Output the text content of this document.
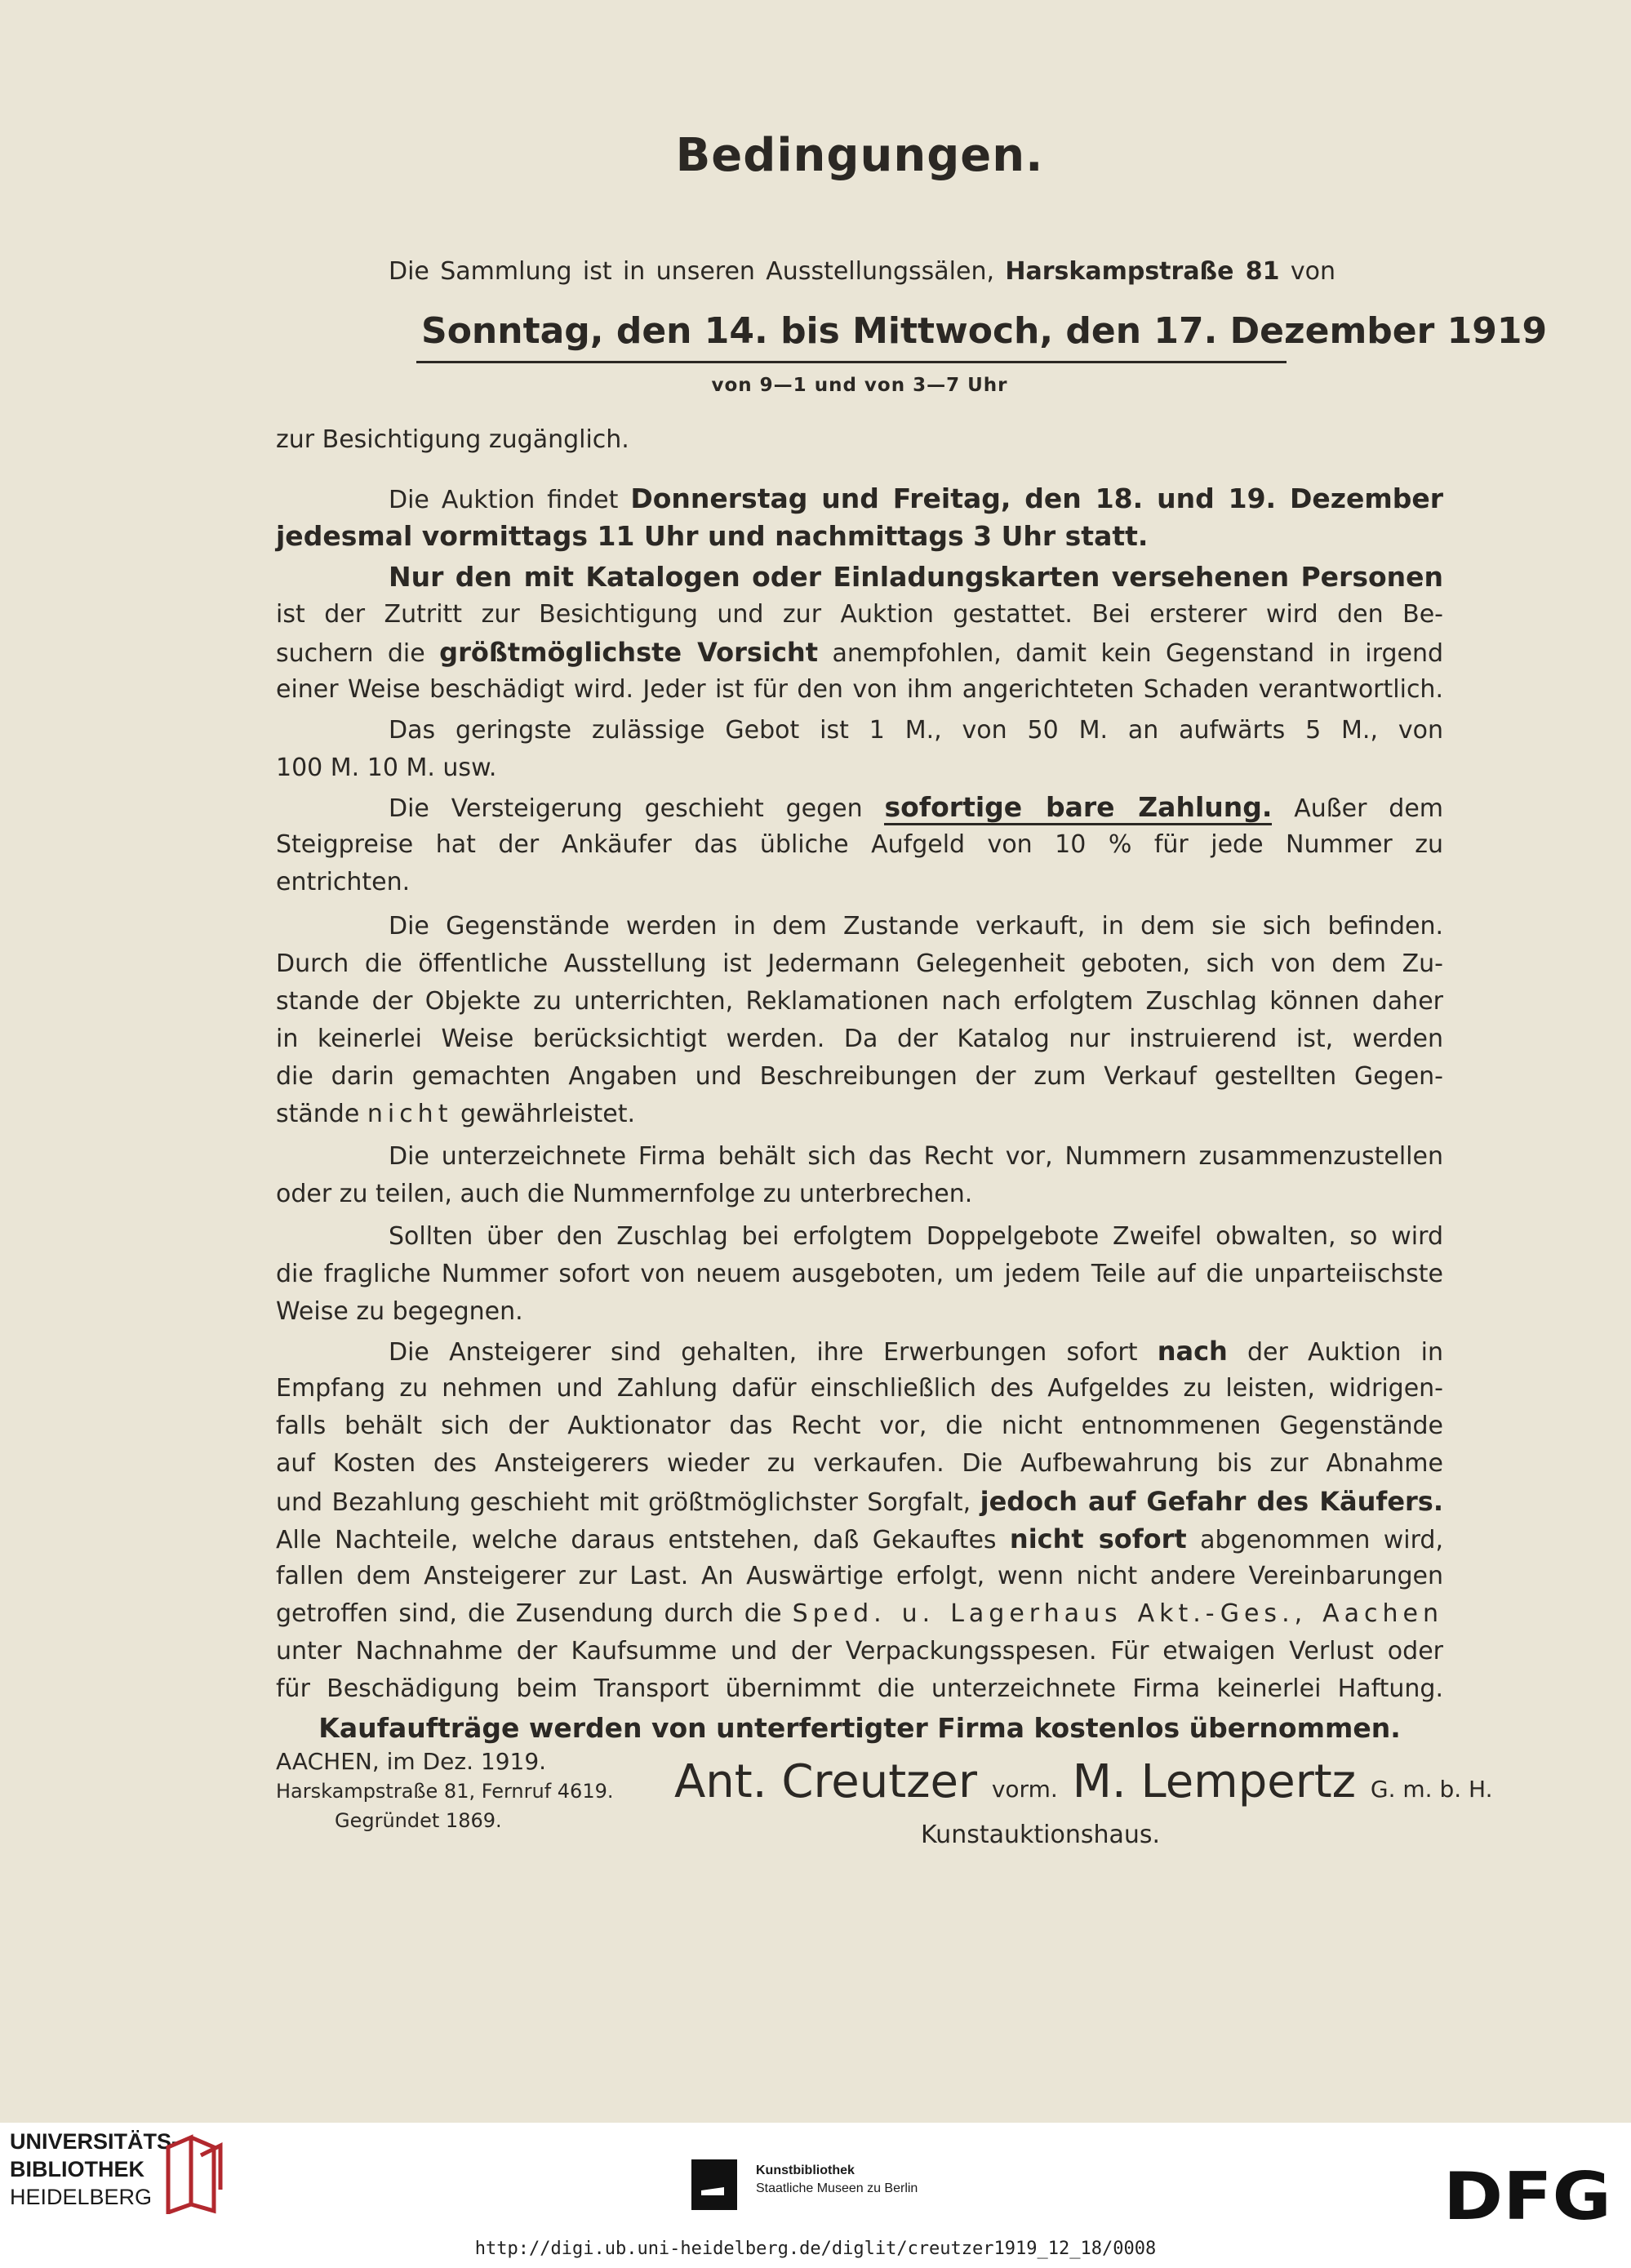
Bedingungen.
Die Sammlung ist in unseren Ausstellungssälen, Harskampstraße 81 von
Sonntag, den 14. bis Mittwoch, den 17. Dezember 1919
von 9—1 und von 3—7 Uhr
zur Besichtigung zugänglich.
Die Auktion findet Donnerstag und Freitag, den 18. und 19. Dezember
jedesmal vormittags 11 Uhr und nachmittags 3 Uhr statt.
Nur den mit Katalogen oder Einladungskarten versehenen Personen
ist der Zutritt zur Besichtigung und zur Auktion gestattet. Bei ersterer wird den Be-
suchern die größtmöglichste Vorsicht anempfohlen, damit kein Gegenstand in irgend
einer Weise beschädigt wird. Jeder ist für den von ihm angerichteten Schaden verantwortlich.
Das geringste zulässige Gebot ist 1 M., von 50 M. an aufwärts 5 M., von
100 M. 10 M. usw.
Die Versteigerung geschieht gegen sofortige bare Zahlung. Außer dem
Steigpreise hat der Ankäufer das übliche Aufgeld von 10 % für jede Nummer zu
entrichten.
Die Gegenstände werden in dem Zustande verkauft, in dem sie sich befinden.
Durch die öffentliche Ausstellung ist Jedermann Gelegenheit geboten, sich von dem Zu-
stande der Objekte zu unterrichten, Reklamationen nach erfolgtem Zuschlag können daher
in keinerlei Weise berücksichtigt werden. Da der Katalog nur instruierend ist, werden
die darin gemachten Angaben und Beschreibungen der zum Verkauf gestellten Gegen-
stände nicht gewährleistet.
Die unterzeichnete Firma behält sich das Recht vor, Nummern zusammenzustellen
oder zu teilen, auch die Nummernfolge zu unterbrechen.
Sollten über den Zuschlag bei erfolgtem Doppelgebote Zweifel obwalten, so wird
die fragliche Nummer sofort von neuem ausgeboten, um jedem Teile auf die unparteiischste
Weise zu begegnen.
Die Ansteigerer sind gehalten, ihre Erwerbungen sofort nach der Auktion in
Empfang zu nehmen und Zahlung dafür einschließlich des Aufgeldes zu leisten, widrigen-
falls behält sich der Auktionator das Recht vor, die nicht entnommenen Gegenstände
auf Kosten des Ansteigerers wieder zu verkaufen. Die Aufbewahrung bis zur Abnahme
und Bezahlung geschieht mit größtmöglichster Sorgfalt, jedoch auf Gefahr des Käufers.
Alle Nachteile, welche daraus entstehen, daß Gekauftes nicht sofort abgenommen wird,
fallen dem Ansteigerer zur Last. An Auswärtige erfolgt, wenn nicht andere Vereinbarungen
getroffen sind, die Zusendung durch die Sped. u. Lagerhaus Akt.-Ges., Aachen
unter Nachnahme der Kaufsumme und der Verpackungsspesen. Für etwaigen Verlust oder
für Beschädigung beim Transport übernimmt die unterzeichnete Firma keinerlei Haftung.
Kaufaufträge werden von unterfertigter Firma kostenlos übernommen.
AACHEN, im Dez. 1919.
Harskampstraße 81, Fernruf 4619.
Gegründet 1869.
Ant. Creutzer vorm. M. Lempertz G. m. b. H.
Kunstauktionshaus.
UNIVERSITÄTS-
BIBLIOTHEK
HEIDELBERG
Kunstbibliothek
Staatliche Museen zu Berlin	DFG
http://digi.ub.uni-heidelberg.de/diglit/creutzer1919_12_18/0008
